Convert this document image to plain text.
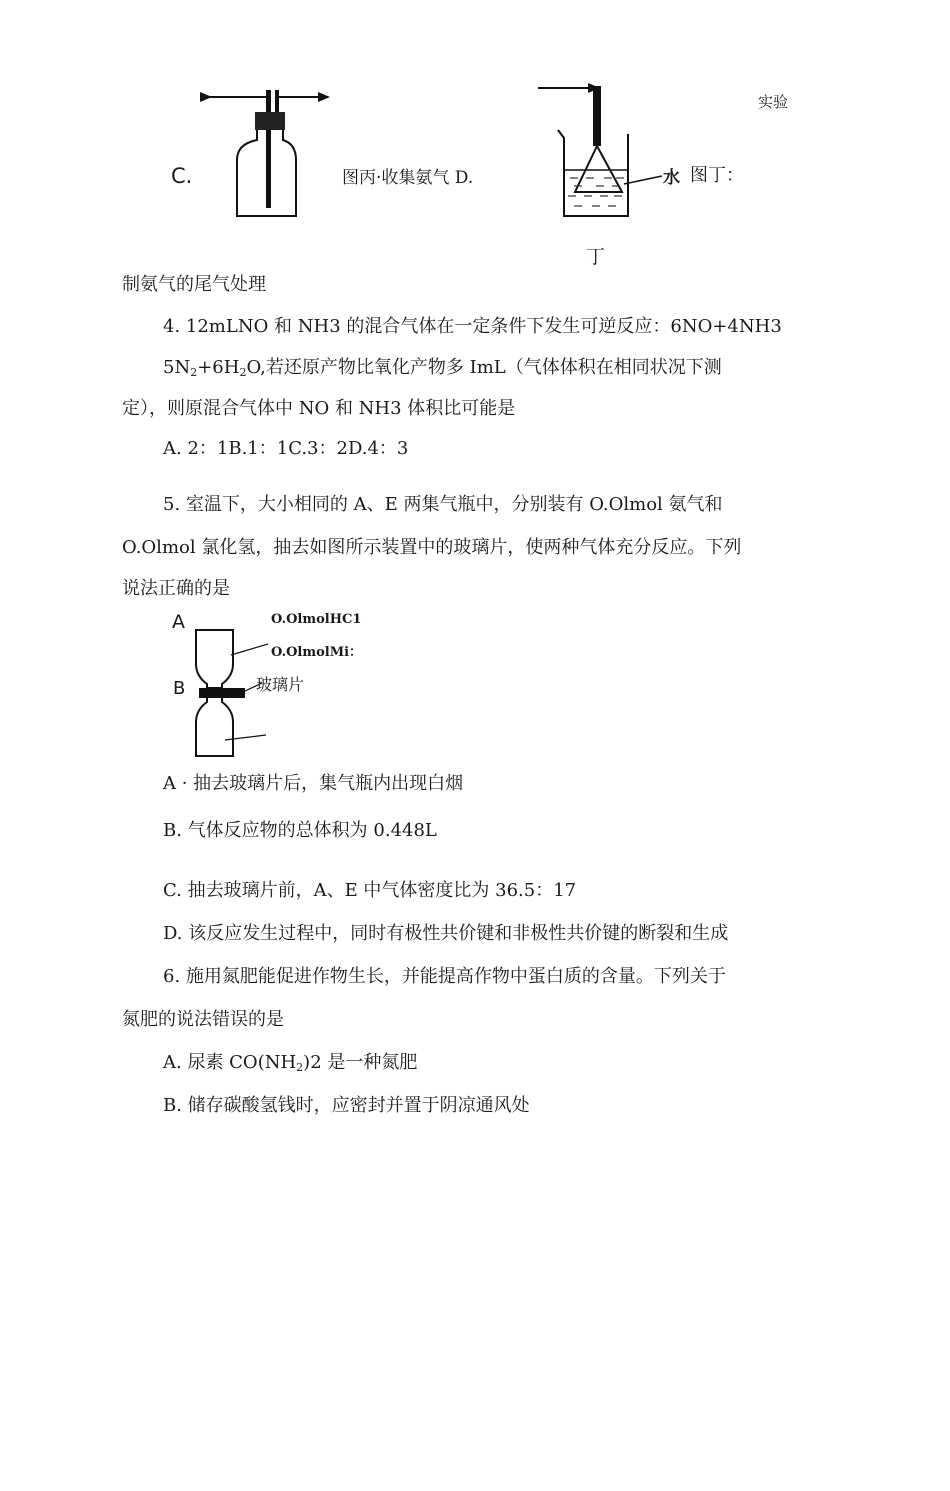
C.	图丙·收集氨气 D.	水 图丁：
实验
丁
制氨气的尾气处理
4. 12mLNO 和 NH3 的混合气体在一定条件下发生可逆反应：6NO+4NH3
$5N_2+6H_2O$,若还原产物比氧化产物多 ImL（气体体积在相同状况下测
定），则原混合气体中 NO 和 NH3 体积比可能是
A. 2：1B.1：1C.3：2D.4：3
5. 室温下，大小相同的 A、E 两集气瓶中，分别装有 O.Olmol 氨气和
O.Olmol 氯化氢，抽去如图所示装置中的玻璃片，使两种气体充分反应。下列
说法正确的是
A
B
O.OlmolHC1
O.OlmolMi：
玻璃片
A · 抽去玻璃片后，集气瓶内出现白烟
B. 气体反应物的总体积为 0.448L
C. 抽去玻璃片前，A、E 中气体密度比为 36.5：17
D. 该反应发生过程中，同时有极性共价键和非极性共价键的断裂和生成
6. 施用氮肥能促进作物生长，并能提高作物中蛋白质的含量。下列关于
氮肥的说法错误的是
A. 尿素 $CO(NH_2)2$ 是一种氮肥
B. 储存碳酸氢钱时，应密封并置于阴凉通风处
